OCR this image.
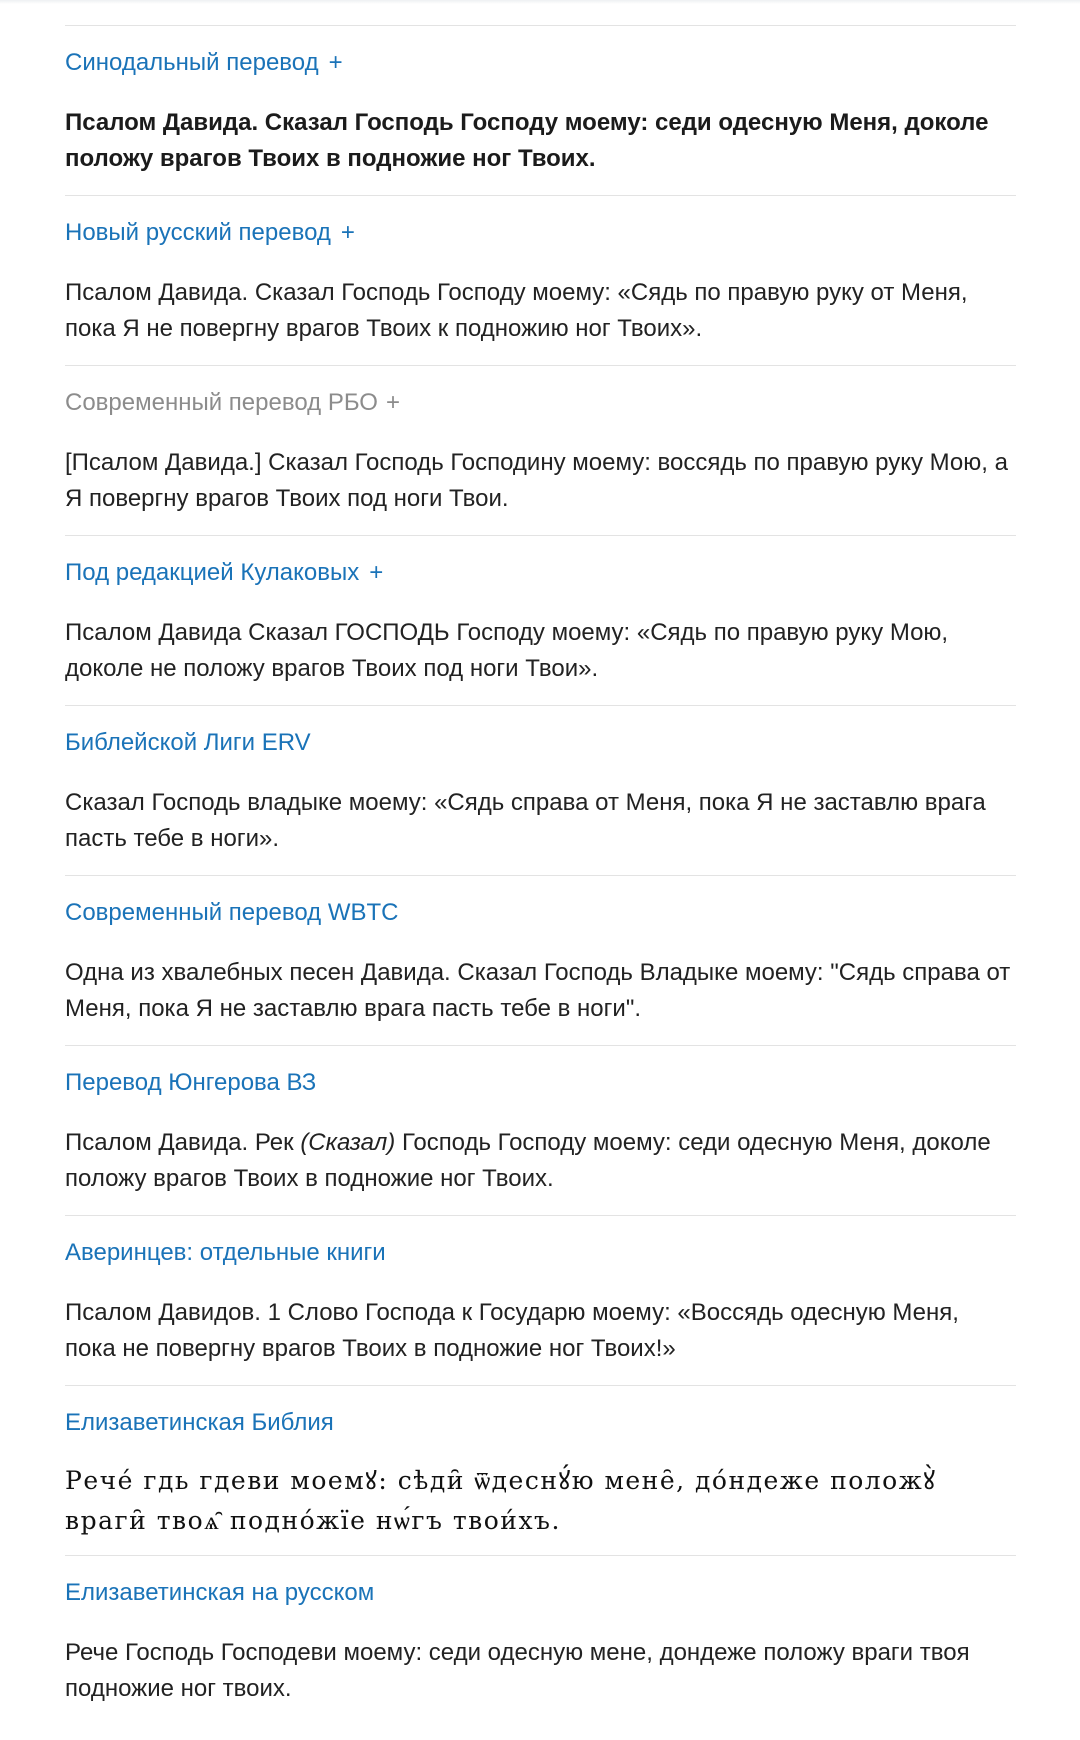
Синодальный перевод +
Псалом Давида. Сказал Господь Господу моему: седи одесную Меня, доколе положу врагов Твоих в подножие ног Твоих.
Новый русский перевод +
Псалом Давида. Сказал Господь Господу моему: «Сядь по правую руку от Меня, пока Я не повергну врагов Твоих к подножию ног Твоих».
Современный перевод РБО +
[Псалом Давида.] Сказал Господь Господину моему: воссядь по правую руку Мою, а Я повергну врагов Твоих под ноги Твои.
Под редакцией Кулаковых +
Псалом Давида Сказал ГОСПОДЬ Господу моему: «Сядь по правую руку Мою, доколе не положу врагов Твоих под ноги Твои».
Библейской Лиги ERV
Сказал Господь владыке моему: «Сядь справа от Меня, пока Я не заставлю врага пасть тебе в ноги».
Современный перевод WBTC
Одна из хвалебных песен Давида. Сказал Господь Владыке моему: "Сядь справа от Меня, пока Я не заставлю врага пасть тебе в ноги".
Перевод Юнгерова ВЗ
Псалом Давида. Рек (Сказал) Господь Господу моему: седи одесную Меня, доколе положу врагов Твоих в подножие ног Твоих.
Аверинцев: отдельные книги
Псалом Давидов. 1 Слово Господа к Государю моему: «Воссядь одесную Меня, пока не повергну врагов Твоих в подножие ног Твоих!»
Елизаветинская Библия
Рече́ гдь гдеви моемꙋ: сѣди̑ ѿдеснꙋ́ю мене̑, до́ндеже положꙋ̀ враги̑ твоѧ̑ подно́жїе нѡ́гъ твои́хъ.
Елизаветинская на русском
Рече Господь Господеви моему: седи одесную мене, дондеже положу враги твоя подножие ног твоих.
